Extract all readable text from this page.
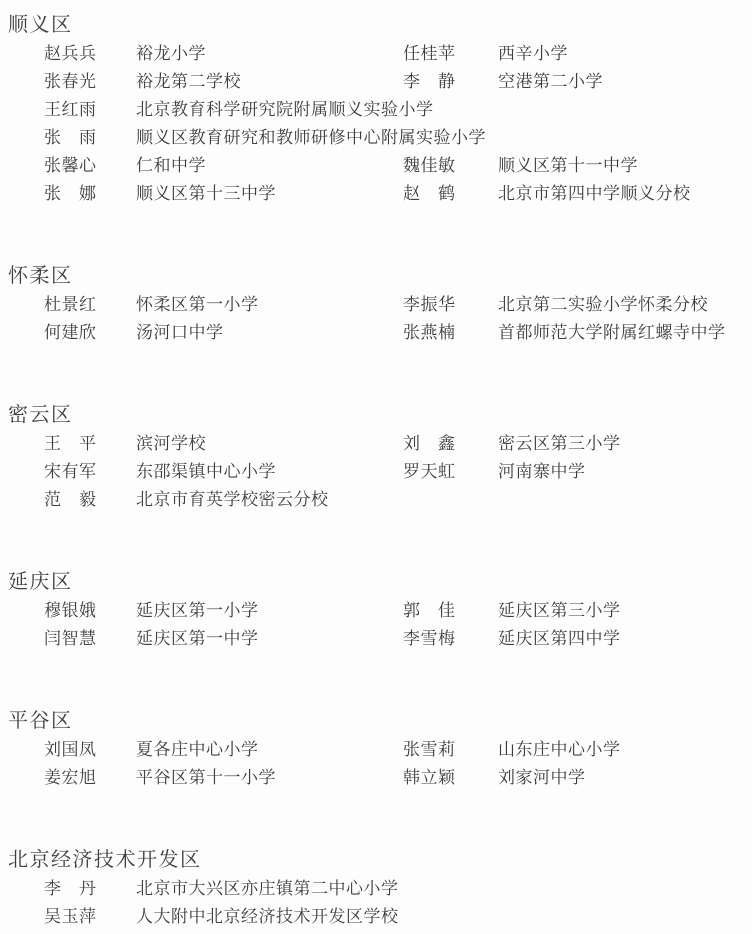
顺义区
赵兵兵	裕龙小学	任桂苹	西辛小学
张春光	裕龙第二学校	李　静	空港第二小学
王红雨	北京教育科学研究院附属顺义实验小学
张　雨	顺义区教育研究和教师研修中心附属实验小学
张馨心	仁和中学	魏佳敏	顺义区第十一中学
张　娜	顺义区第十三中学	赵　鹤	北京市第四中学顺义分校
怀柔区
杜景红	怀柔区第一小学	李振华	北京第二实验小学怀柔分校
何建欣	汤河口中学	张燕楠	首都师范大学附属红螺寺中学
密云区
王　平	滨河学校	刘　鑫	密云区第三小学
宋有军	东邵渠镇中心小学	罗天虹	河南寨中学
范　毅	北京市育英学校密云分校
延庆区
穆银娥	延庆区第一小学	郭　佳	延庆区第三小学
闫智慧	延庆区第一中学	李雪梅	延庆区第四中学
平谷区
刘国凤	夏各庄中心小学	张雪莉	山东庄中心小学
姜宏旭	平谷区第十一小学	韩立颖	刘家河中学
北京经济技术开发区
李　丹	北京市大兴区亦庄镇第二中心小学
吴玉萍	人大附中北京经济技术开发区学校
